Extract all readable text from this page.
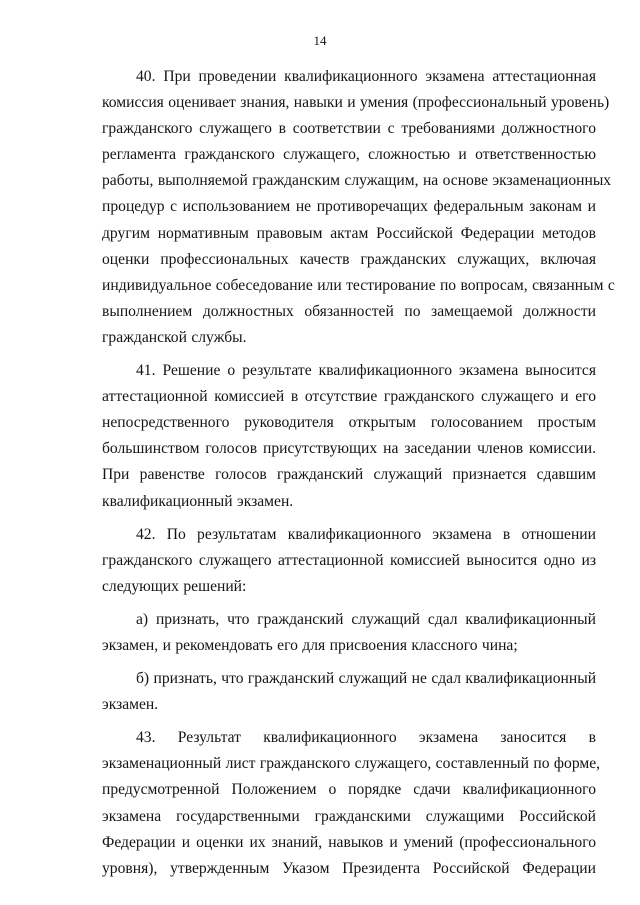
14
40. При проведении квалификационного экзамена аттестационная
комиссия оценивает знания, навыки и умения (профессиональный уровень)
гражданского служащего в соответствии с требованиями должностного
регламента гражданского служащего, сложностью и ответственностью
работы, выполняемой гражданским служащим, на основе экзаменационных
процедур с использованием не противоречащих федеральным законам и
другим нормативным правовым актам Российской Федерации методов
оценки профессиональных качеств гражданских служащих, включая
индивидуальное собеседование или тестирование по вопросам, связанным с
выполнением должностных обязанностей по замещаемой должности
гражданской службы.
41. Решение о результате квалификационного экзамена выносится
аттестационной комиссией в отсутствие гражданского служащего и его
непосредственного руководителя открытым голосованием простым
большинством голосов присутствующих на заседании членов комиссии.
При равенстве голосов гражданский служащий признается сдавшим
квалификационный экзамен.
42. По результатам квалификационного экзамена в отношении
гражданского служащего аттестационной комиссией выносится одно из
следующих решений:
а) признать, что гражданский служащий сдал квалификационный
экзамен, и рекомендовать его для присвоения классного чина;
б) признать, что гражданский служащий не сдал квалификационный
экзамен.
43. Результат квалификационного экзамена заносится в
экзаменационный лист гражданского служащего, составленный по форме,
предусмотренной Положением о порядке сдачи квалификационного
экзамена государственными гражданскими служащими Российской
Федерации и оценки их знаний, навыков и умений (профессионального
уровня), утвержденным Указом Президента Российской Федерации
